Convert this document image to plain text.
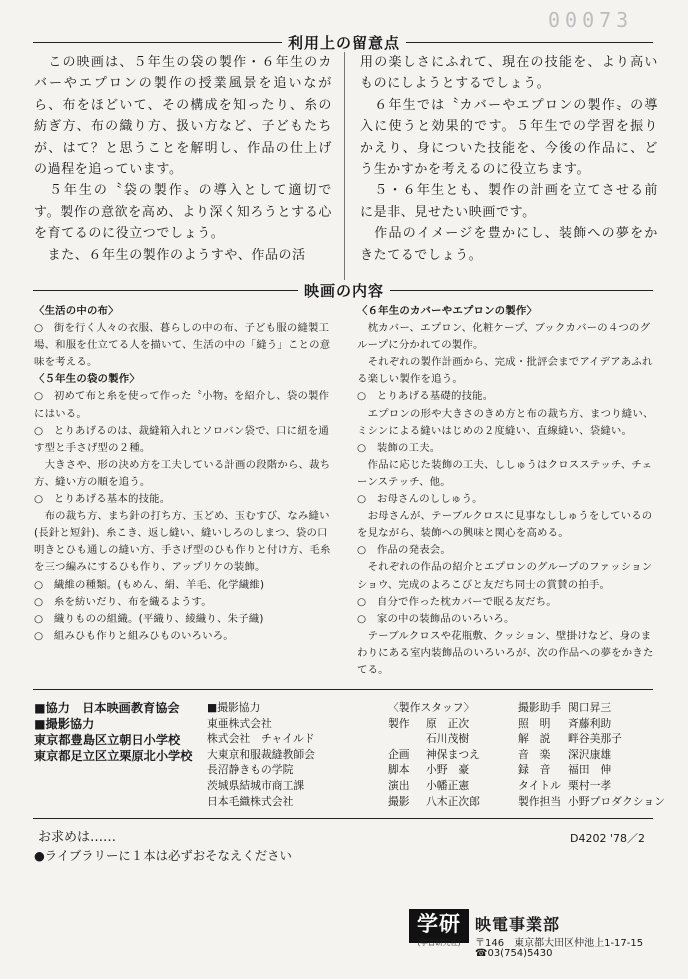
00073
利用上の留意点

　この映画は、５年生の袋の製作・６年生のカバーやエプロンの製作の授業風景を追いながら、布をほどいて、その構成を知ったり、糸の紡ぎ方、布の織り方、扱い方など、子どもたちが、はて？と思うことを解明し、作品の仕上げの過程を追っています。

　５年生の〝袋の製作〟の導入として適切です。製作の意欲を高め、より深く知ろうとする心を育てるのに役立つでしょう。

　また、６年生の製作のようすや、作品の活

用の楽しさにふれて、現在の技能を、より高いものにしようとするでしょう。

　６年生では〝カバーやエプロンの製作〟の導入に使うと効果的です。５年生での学習を振りかえり、身についた技能を、今後の作品に、どう生かすかを考えるのに役立ちます。

　５・６年生とも、製作の計画を立てさせる前に是非、見せたい映画です。

　作品のイメージを豊かにし、装飾への夢をかきたてるでしょう。

映画の内容

〈生活の中の布〉

○　街を行く人々の衣服、暮らしの中の布、子ども服の縫製工場、和服を仕立てる人を描いて、生活の中の「縫う」ことの意味を考える。

〈５年生の袋の製作〉

○　初めて布と糸を使って作った〝小物〟を紹介し、袋の製作にはいる。

○　とりあげるのは、裁縫箱入れとソロバン袋で、口に紐を通す型と手さげ型の２種。

　大きさや、形の決め方を工夫している計画の段階から、裁ち方、縫い方の順を追う。

○　とりあげる基本的技能。

　布の裁ち方、まち針の打ち方、玉どめ、玉むすび、なみ縫い(長針と短針)、糸こき、返し縫い、縫いしろのしまつ、袋の口明きとひも通しの縫い方、手さげ型のひも作りと付け方、毛糸を三つ編みにするひも作り、アップリケの装飾。

○　繊維の種類。(もめん、絹、羊毛、化学繊維)

○　糸を紡いだり、布を織るようす。

○　織りものの組織。(平織り、綾織り、朱子織)

○　組みひも作りと組みひものいろいろ。

〈６年生のカバーやエプロンの製作〉

　枕カバー、エプロン、化粧ケープ、ブックカバーの４つのグループに分かれての製作。

　それぞれの製作計画から、完成・批評会までアイデアあふれる楽しい製作を追う。

○　とりあげる基礎的技能。

　エプロンの形や大きさのきめ方と布の裁ち方、まつり縫い、ミシンによる縫いはじめの２度縫い、直線縫い、袋縫い。

○　装飾の工夫。

　作品に応じた装飾の工夫、ししゅうはクロスステッチ、チェーンステッチ、他。

○　お母さんのししゅう。

　お母さんが、テーブルクロスに見事なししゅうをしているのを見ながら、装飾への興味と関心を高める。

○　作品の発表会。

　それぞれの作品の紹介とエプロンのグループのファッションショウ、完成のよろこびと友だち同士の賞賛の拍手。

○　自分で作った枕カバーで眠る友だち。

○　家の中の装飾品のいろいろ。

　テーブルクロスや花瓶敷、クッション、壁掛けなど、身のまわりにある室内装飾品のいろいろが、次の作品への夢をかきたてる。

■協力　日本映画教育協会
■撮影協力
東京都豊島区立朝日小学校
東京都足立区立栗原北小学校
■撮影協力
東亜株式会社
株式会社　チャイルド
大東京和服裁縫教師会
長沼静きもの学院
茨城県結城市商工課
日本毛織株式会社
〈製作スタッフ〉
製作 原　正次
石川茂樹
企画 神保まつえ
脚本 小野　豪
演出 小幡正憲
撮影 八木正次郎
撮影助手 関口昇三
照　明 斉藤利助
解　説 畔谷美那子
音　楽 深沢康雄
録　音 福田　伸
タイトル 栗村一孝
製作担当 小野プロダクション
お求めは……
●ライブラリーに１本は必ずおそなえください
D4202 '78／2
学研
(学習研究社)
映電事業部
〒146　東京都大田区仲池上1-17-15
☎03(754)5430
